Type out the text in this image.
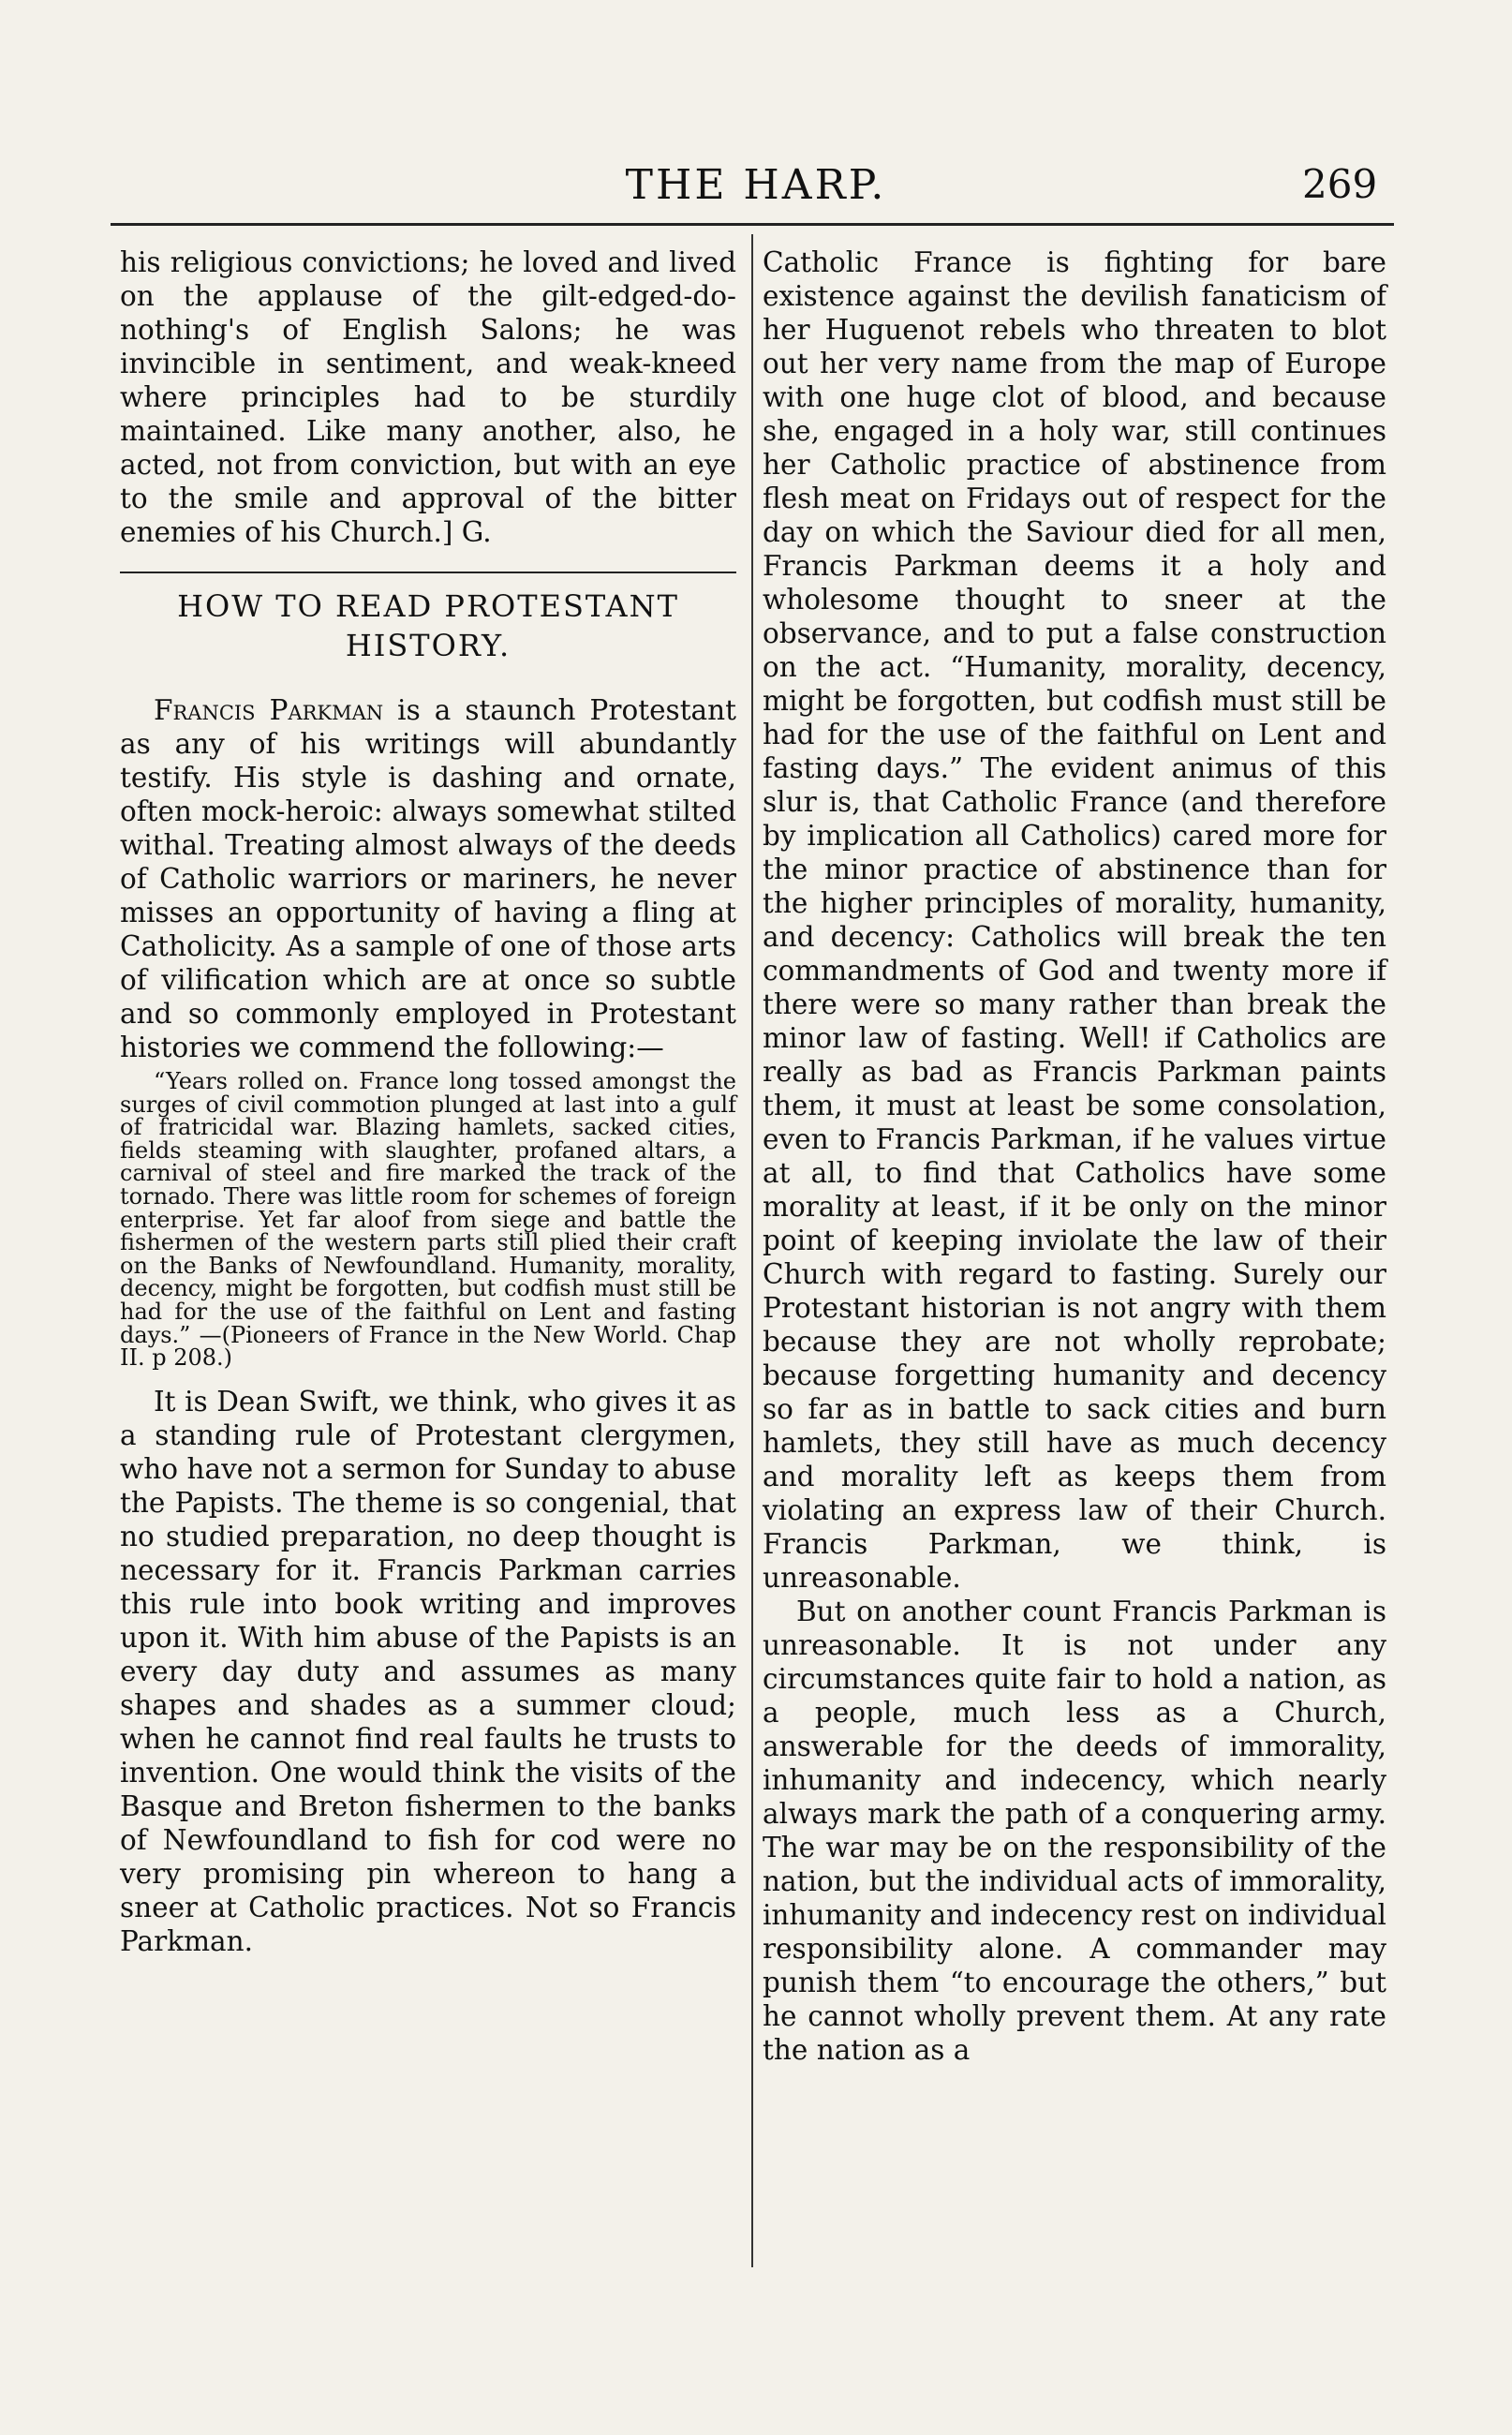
THE HARP.	269

his religious convictions; he loved and lived on the applause of the gilt-edged-do-nothing's of English Salons; he was invincible in sentiment, and weak-kneed where principles had to be sturdily maintained. Like many another, also, he acted, not from conviction, but with an eye to the smile and approval of the bitter enemies of his Church.] G.

HOW TO READ PROTESTANT HISTORY.

Francis Parkman is a staunch Protestant as any of his writings will abundantly testify. His style is dashing and ornate, often mock-heroic: always somewhat stilted withal. Treating almost always of the deeds of Catholic warriors or mariners, he never misses an opportunity of having a fling at Catholicity. As a sample of one of those arts of vilification which are at once so subtle and so commonly employed in Protestant histories we commend the following:—

“Years rolled on. France long tossed amongst the surges of civil commotion plunged at last into a gulf of fratricidal war. Blazing hamlets, sacked cities, fields steaming with slaughter, profaned altars, a carnival of steel and fire marked the track of the tornado. There was little room for schemes of foreign enterprise. Yet far aloof from siege and battle the fishermen of the western parts still plied their craft on the Banks of Newfoundland. Humanity, morality, decency, might be forgotten, but codfish must still be had for the use of the faithful on Lent and fasting days.” —(Pioneers of France in the New World. Chap II. p 208.)

It is Dean Swift, we think, who gives it as a standing rule of Protestant clergymen, who have not a sermon for Sunday to abuse the Papists. The theme is so congenial, that no studied preparation, no deep thought is necessary for it. Francis Parkman carries this rule into book writing and improves upon it. With him abuse of the Papists is an every day duty and assumes as many shapes and shades as a summer cloud; when he cannot find real faults he trusts to invention. One would think the visits of the Basque and Breton fishermen to the banks of Newfoundland to fish for cod were no very promising pin whereon to hang a sneer at Catholic practices. Not so Francis Parkman.

Catholic France is fighting for bare existence against the devilish fanaticism of her Huguenot rebels who threaten to blot out her very name from the map of Europe with one huge clot of blood, and because she, engaged in a holy war, still continues her Catholic practice of abstinence from flesh meat on Fridays out of respect for the day on which the Saviour died for all men, Francis Parkman deems it a holy and wholesome thought to sneer at the observance, and to put a false construction on the act. “Humanity, morality, decency, might be forgotten, but codfish must still be had for the use of the faithful on Lent and fasting days.” The evident animus of this slur is, that Catholic France (and therefore by implication all Catholics) cared more for the minor practice of abstinence than for the higher principles of morality, humanity, and decency: Catholics will break the ten commandments of God and twenty more if there were so many rather than break the minor law of fasting. Well! if Catholics are really as bad as Francis Parkman paints them, it must at least be some consolation, even to Francis Parkman, if he values virtue at all, to find that Catholics have some morality at least, if it be only on the minor point of keeping inviolate the law of their Church with regard to fasting. Surely our Protestant historian is not angry with them because they are not wholly reprobate; because forgetting humanity and decency so far as in battle to sack cities and burn hamlets, they still have as much decency and morality left as keeps them from violating an express law of their Church. Francis Parkman, we think, is unreasonable.

But on another count Francis Parkman is unreasonable. It is not under any circumstances quite fair to hold a nation, as a people, much less as a Church, answerable for the deeds of immorality, inhumanity and indecency, which nearly always mark the path of a conquering army. The war may be on the responsibility of the nation, but the individual acts of immorality, inhumanity and indecency rest on individual responsibility alone. A commander may punish them “to encourage the others,” but he cannot wholly prevent them. At any rate the nation as a
